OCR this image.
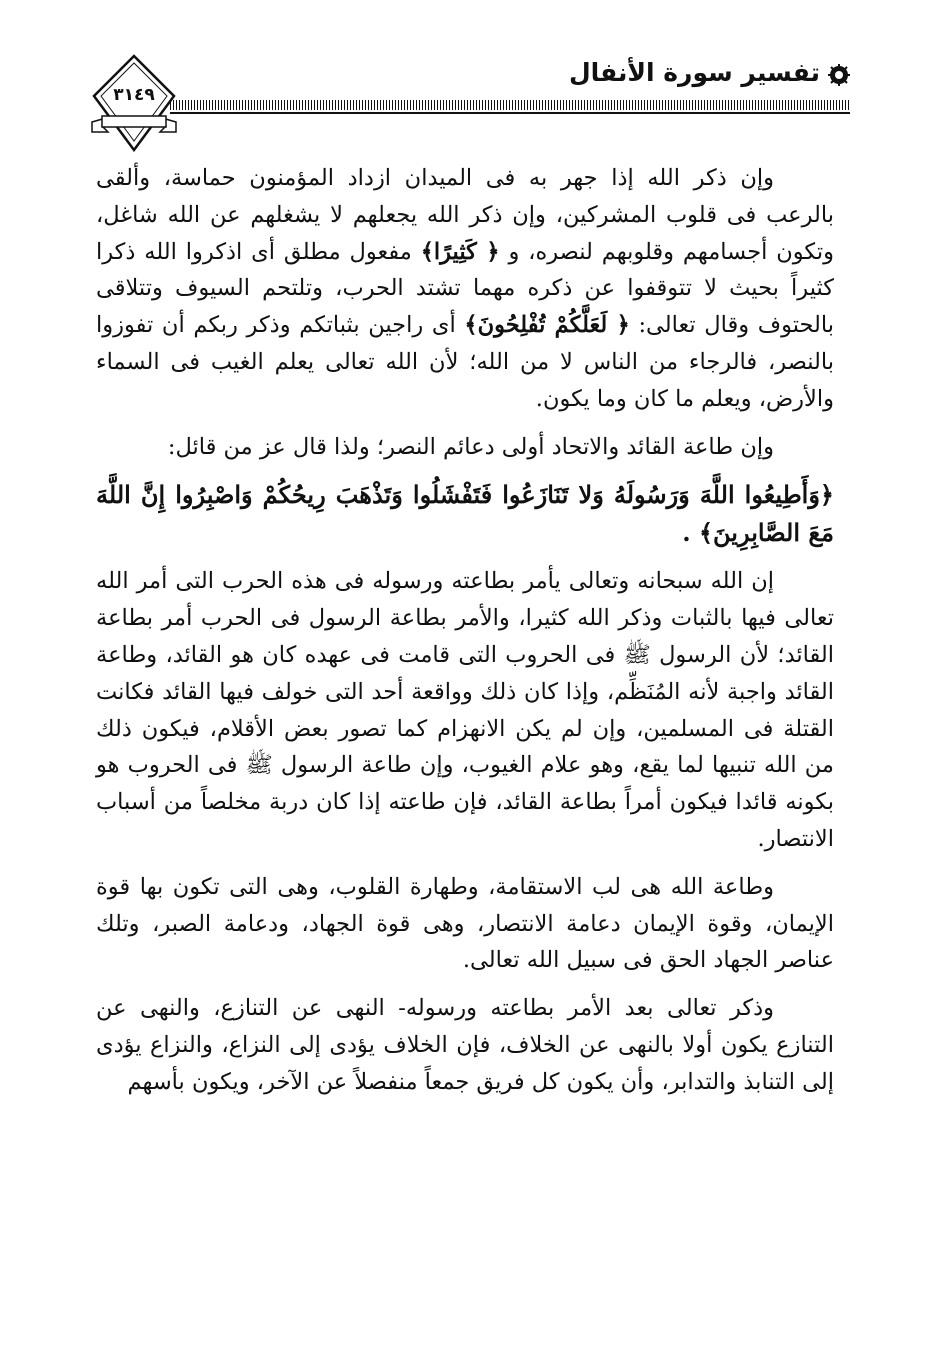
تفسير سورة الأنفال
٣١٤٩

وإن ذكر الله إذا جهر به فى الميدان ازداد المؤمنون حماسة، وألقى بالرعب فى قلوب المشركين، وإن ذكر الله يجعلهم لا يشغلهم عن الله شاغل، وتكون أجسامهم وقلوبهم لنصره، و ﴿ كَثِيرًا﴾ مفعول مطلق أى اذكروا الله ذكرا كثيراً بحيث لا تتوقفوا عن ذكره مهما تشتد الحرب، وتلتحم السيوف وتتلاقى بالحتوف وقال تعالى: ﴿ لَعَلَّكُمْ تُفْلِحُونَ﴾ أى راجين بثباتكم وذكر ربكم أن تفوزوا بالنصر، فالرجاء من الناس لا من الله؛ لأن الله تعالى يعلم الغيب فى السماء والأرض، ويعلم ما كان وما يكون.

وإن طاعة القائد والاتحاد أولى دعائم النصر؛ ولذا قال عز من قائل:

﴿وَأَطِيعُوا اللَّهَ وَرَسُولَهُ وَلا تَنَازَعُوا فَتَفْشَلُوا وَتَذْهَبَ رِيحُكُمْ وَاصْبِرُوا إِنَّ اللَّهَ مَعَ الصَّابِرِينَ﴾ .

إن الله سبحانه وتعالى يأمر بطاعته ورسوله فى هذه الحرب التى أمر الله تعالى فيها بالثبات وذكر الله كثيرا، والأمر بطاعة الرسول فى الحرب أمر بطاعة القائد؛ لأن الرسول ﷺ فى الحروب التى قامت فى عهده كان هو القائد، وطاعة القائد واجبة لأنه المُنَظِّم، وإذا كان ذلك وواقعة أحد التى خولف فيها القائد فكانت القتلة فى المسلمين، وإن لم يكن الانهزام كما تصور بعض الأقلام، فيكون ذلك من الله تنبيها لما يقع، وهو علام الغيوب، وإن طاعة الرسول ﷺ فى الحروب هو بكونه قائدا فيكون أمراً بطاعة القائد، فإن طاعته إذا كان دربة مخلصاً من أسباب الانتصار.

وطاعة الله هى لب الاستقامة، وطهارة القلوب، وهى التى تكون بها قوة الإيمان، وقوة الإيمان دعامة الانتصار، وهى قوة الجهاد، ودعامة الصبر، وتلك عناصر الجهاد الحق فى سبيل الله تعالى.

وذكر تعالى بعد الأمر بطاعته ورسوله- النهى عن التنازع، والنهى عن التنازع يكون أولا بالنهى عن الخلاف، فإن الخلاف يؤدى إلى النزاع، والنزاع يؤدى إلى التنابذ والتدابر، وأن يكون كل فريق جمعاً منفصلاً عن الآخر، ويكون بأسهم
